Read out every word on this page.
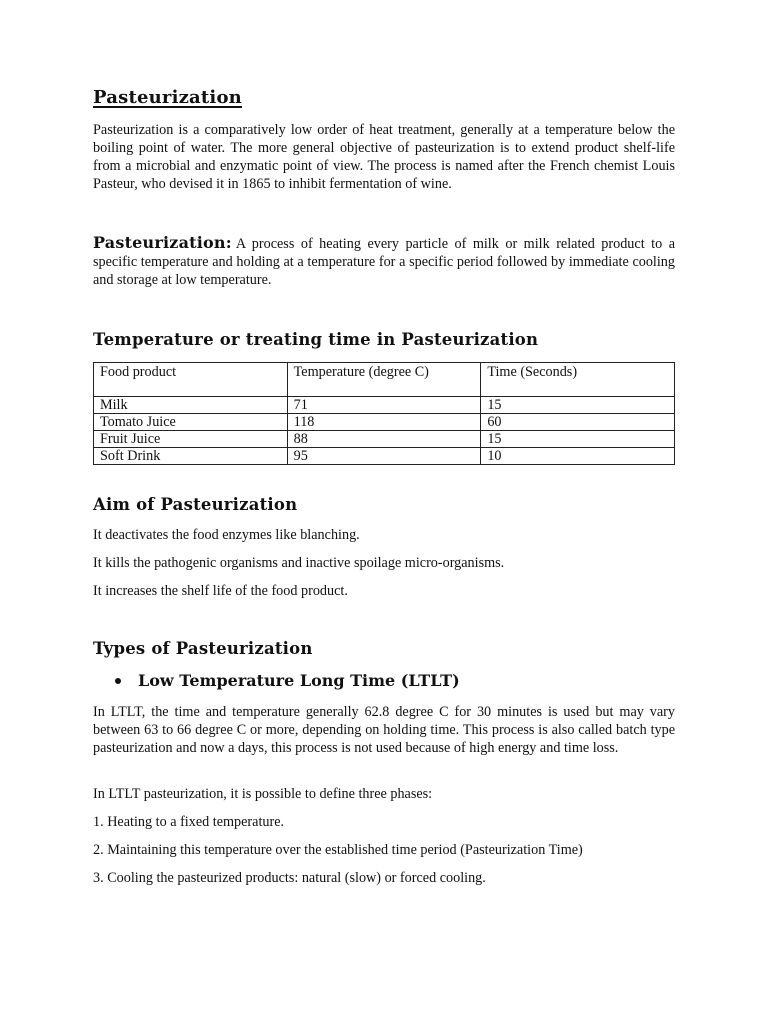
Pasteurization

Pasteurization is a comparatively low order of heat treatment, generally at a temperature below the boiling point of water. The more general objective of pasteurization is to extend product shelf-life from a microbial and enzymatic point of view. The process is named after the French chemist Louis Pasteur, who devised it in 1865 to inhibit fermentation of wine.

Pasteurization: A process of heating every particle of milk or milk related product to a specific temperature and holding at a temperature for a specific period followed by immediate cooling and storage at low temperature.

Temperature or treating time in Pasteurization
Food product	Temperature (degree C)	Time (Seconds)
Milk	71	15
Tomato Juice	118	60
Fruit Juice	88	15
Soft Drink	95	10
Aim of Pasteurization

It deactivates the food enzymes like blanching.

It kills the pathogenic organisms and inactive spoilage micro-organisms.

It increases the shelf life of the food product.

Types of Pasteurization
Low Temperature Long Time (LTLT)

In LTLT, the time and temperature generally 62.8 degree C for 30 minutes is used but may vary between 63 to 66 degree C or more, depending on holding time. This process is also called batch type pasteurization and now a days, this process is not used because of high energy and time loss.

In LTLT pasteurization, it is possible to define three phases:

1. Heating to a fixed temperature.

2. Maintaining this temperature over the established time period (Pasteurization Time)

3. Cooling the pasteurized products: natural (slow) or forced cooling.
